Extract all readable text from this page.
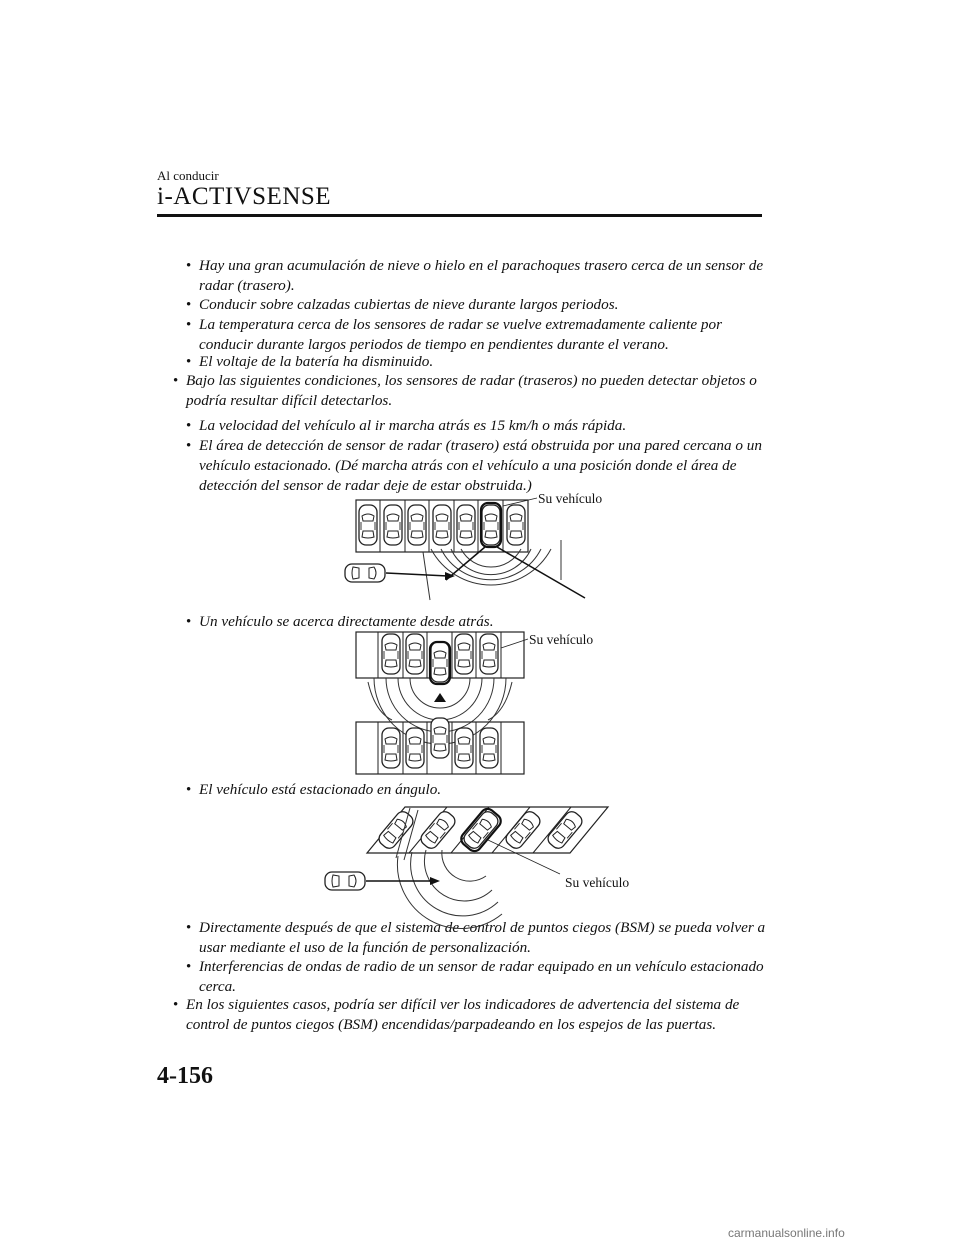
Al conducir
i-ACTIVSENSE

• Hay una gran acumulación de nieve o hielo en el parachoques trasero cerca de un sensor de radar (trasero).

• Conducir sobre calzadas cubiertas de nieve durante largos periodos.

• La temperatura cerca de los sensores de radar se vuelve extremadamente caliente por conducir durante largos periodos de tiempo en pendientes durante el verano.

• El voltaje de la batería ha disminuido.

• Bajo las siguientes condiciones, los sensores de radar (traseros) no pueden detectar objetos o podría resultar difícil detectarlos.

• La velocidad del vehículo al ir marcha atrás es 15 km/h o más rápida.

• El área de detección de sensor de radar (trasero) está obstruida por una pared cercana o un vehículo estacionado. (Dé marcha atrás con el vehículo a una posición donde el área de detección del sensor de radar deje de estar obstruida.)

• Un vehículo se acerca directamente desde atrás.

• El vehículo está estacionado en ángulo.

• Directamente después de que el sistema de control de puntos ciegos (BSM) se pueda volver a usar mediante el uso de la función de personalización.

• Interferencias de ondas de radio de un sensor de radar equipado en un vehículo estacionado cerca.

• En los siguientes casos, podría ser difícil ver los indicadores de advertencia del sistema de control de puntos ciegos (BSM) encendidas/parpadeando en los espejos de las puertas.

Su vehículo
Su vehículo
Su vehículo
4-156
carmanualsonline.info
